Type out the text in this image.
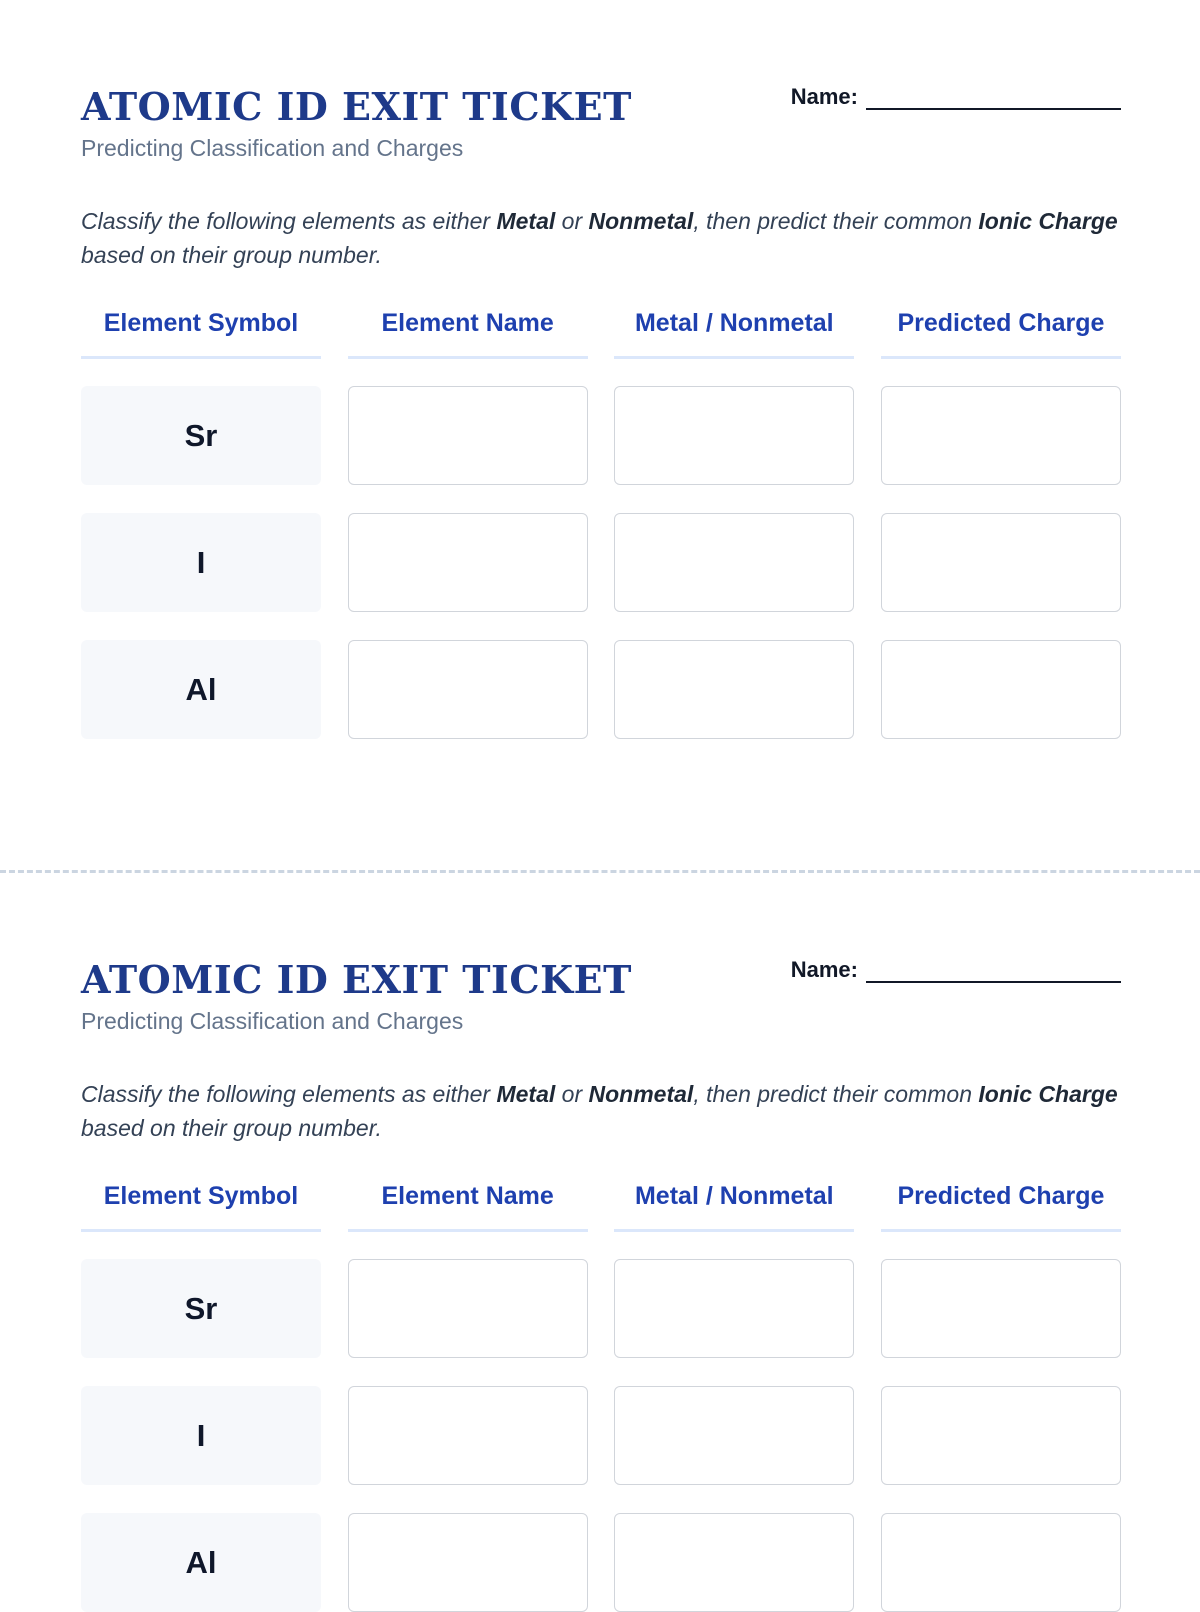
ATOMIC ID EXIT TICKET
Predicting Classification and Charges
Name:

Classify the following elements as either Metal or Nonmetal, then predict their common Ionic Charge based on their group number.

Element Symbol	Element Name	Metal / Nonmetal	Predicted Charge
Sr
I
Al
ATOMIC ID EXIT TICKET
Predicting Classification and Charges
Name:

Classify the following elements as either Metal or Nonmetal, then predict their common Ionic Charge based on their group number.

Element Symbol	Element Name	Metal / Nonmetal	Predicted Charge
Sr
I
Al
